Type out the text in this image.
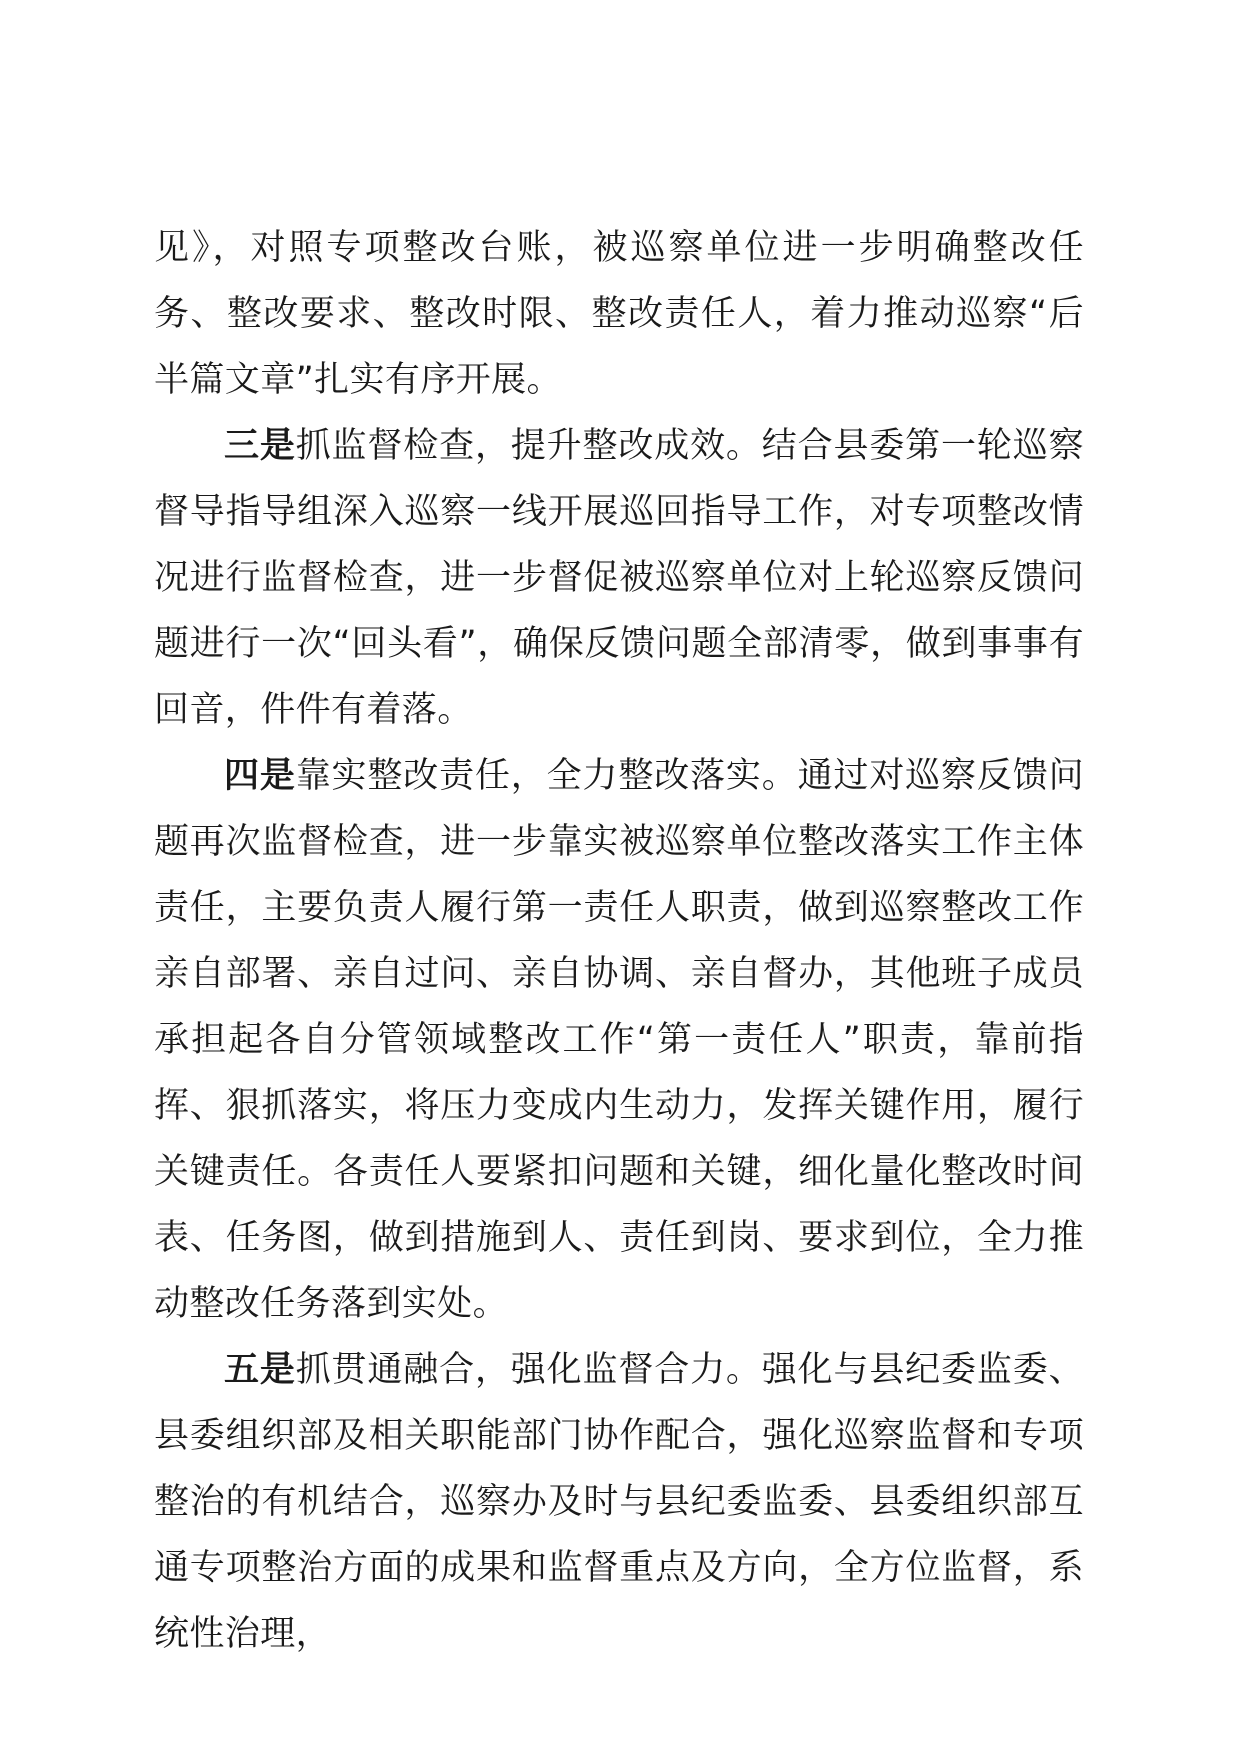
见》，对照专项整改台账，被巡察单位进一步明确整改任务、整改要求、整改时限、整改责任人，着力推动巡察“后半篇文章”扎实有序开展。

三是抓监督检查，提升整改成效。结合县委第一轮巡察督导指导组深入巡察一线开展巡回指导工作，对专项整改情况进行监督检查，进一步督促被巡察单位对上轮巡察反馈问题进行一次“回头看”，确保反馈问题全部清零，做到事事有回音，件件有着落。

四是靠实整改责任，全力整改落实。通过对巡察反馈问题再次监督检查，进一步靠实被巡察单位整改落实工作主体责任，主要负责人履行第一责任人职责，做到巡察整改工作亲自部署、亲自过问、亲自协调、亲自督办，其他班子成员承担起各自分管领域整改工作“第一责任人”职责，靠前指挥、狠抓落实，将压力变成内生动力，发挥关键作用，履行关键责任。各责任人要紧扣问题和关键，细化量化整改时间表、任务图，做到措施到人、责任到岗、要求到位，全力推动整改任务落到实处。

五是抓贯通融合，强化监督合力。强化与县纪委监委、县委组织部及相关职能部门协作配合，强化巡察监督和专项整治的有机结合，巡察办及时与县纪委监委、县委组织部互通专项整治方面的成果和监督重点及方向，全方位监督，系统性治理，
